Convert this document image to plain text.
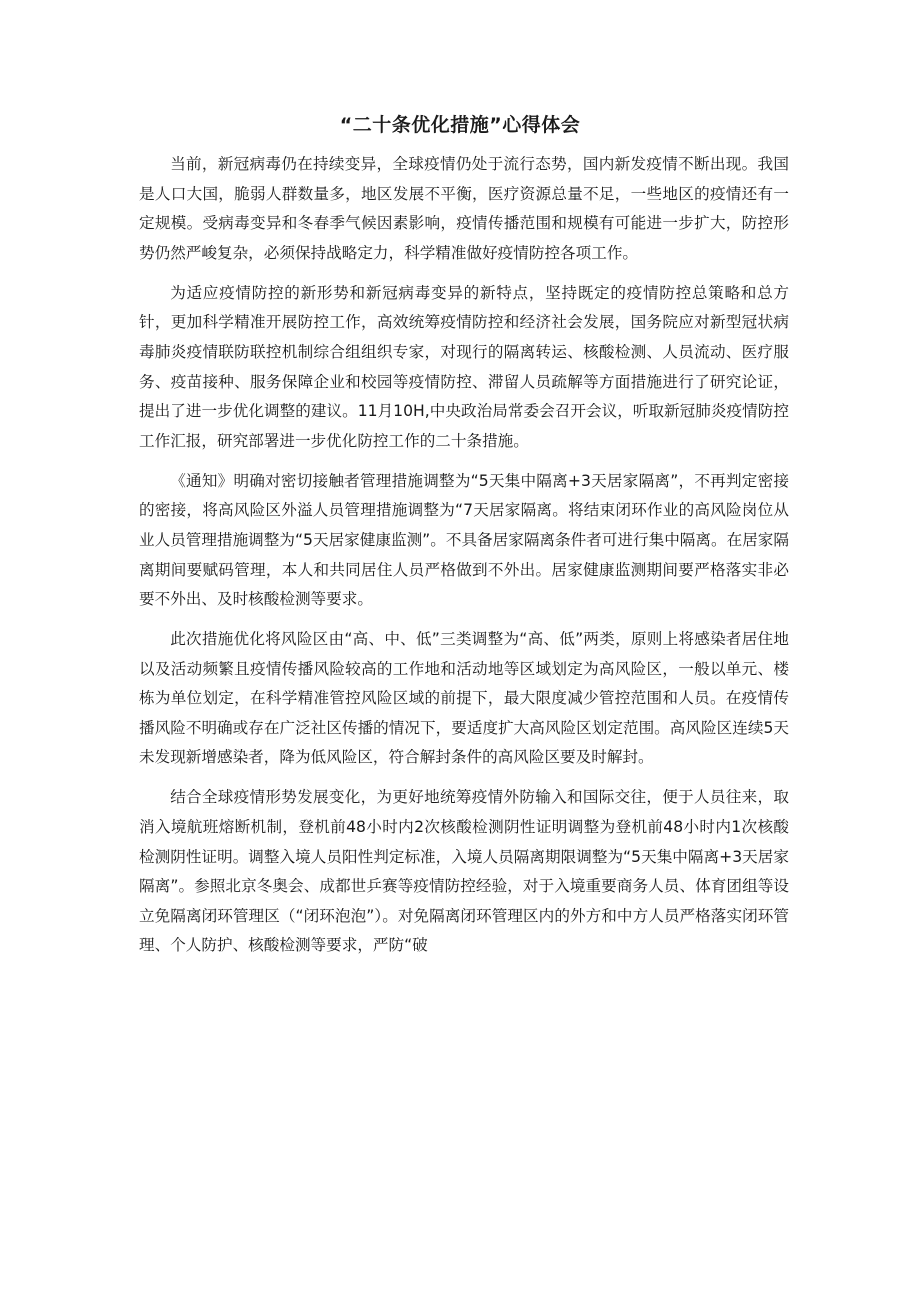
“二十条优化措施”心得体会

当前，新冠病毒仍在持续变异，全球疫情仍处于流行态势，国内新发疫情不断出现。我国是人口大国，脆弱人群数量多，地区发展不平衡，医疗资源总量不足，一些地区的疫情还有一定规模。受病毒变异和冬春季气候因素影响，疫情传播范围和规模有可能进一步扩大，防控形势仍然严峻复杂，必须保持战略定力，科学精准做好疫情防控各项工作。

为适应疫情防控的新形势和新冠病毒变异的新特点，坚持既定的疫情防控总策略和总方针，更加科学精准开展防控工作，高效统筹疫情防控和经济社会发展，国务院应对新型冠状病毒肺炎疫情联防联控机制综合组组织专家，对现行的隔离转运、核酸检测、人员流动、医疗服务、疫苗接种、服务保障企业和校园等疫情防控、滞留人员疏解等方面措施进行了研究论证，提出了进一步优化调整的建议。11月10H,中央政治局常委会召开会议，听取新冠肺炎疫情防控工作汇报，研究部署进一步优化防控工作的二十条措施。

《通知》明确对密切接触者管理措施调整为“5天集中隔离+3天居家隔离”，不再判定密接的密接，将高风险区外溢人员管理措施调整为“7天居家隔离。将结束闭环作业的高风险岗位从业人员管理措施调整为“5天居家健康监测”。不具备居家隔离条件者可进行集中隔离。在居家隔离期间要赋码管理，本人和共同居住人员严格做到不外出。居家健康监测期间要严格落实非必要不外出、及时核酸检测等要求。

此次措施优化将风险区由“高、中、低”三类调整为“高、低”两类，原则上将感染者居住地以及活动频繁且疫情传播风险较高的工作地和活动地等区域划定为高风险区，一般以单元、楼栋为单位划定，在科学精准管控风险区域的前提下，最大限度减少管控范围和人员。在疫情传播风险不明确或存在广泛社区传播的情况下，要适度扩大高风险区划定范围。高风险区连续5天未发现新增感染者，降为低风险区，符合解封条件的高风险区要及时解封。

结合全球疫情形势发展变化，为更好地统筹疫情外防输入和国际交往，便于人员往来，取消入境航班熔断机制，登机前48小时内2次核酸检测阴性证明调整为登机前48小时内1次核酸检测阴性证明。调整入境人员阳性判定标准，入境人员隔离期限调整为“5天集中隔离+3天居家隔离”。参照北京冬奥会、成都世乒赛等疫情防控经验，对于入境重要商务人员、体育团组等设立免隔离闭环管理区（“闭环泡泡”）。对免隔离闭环管理区内的外方和中方人员严格落实闭环管理、个人防护、核酸检测等要求，严防“破
